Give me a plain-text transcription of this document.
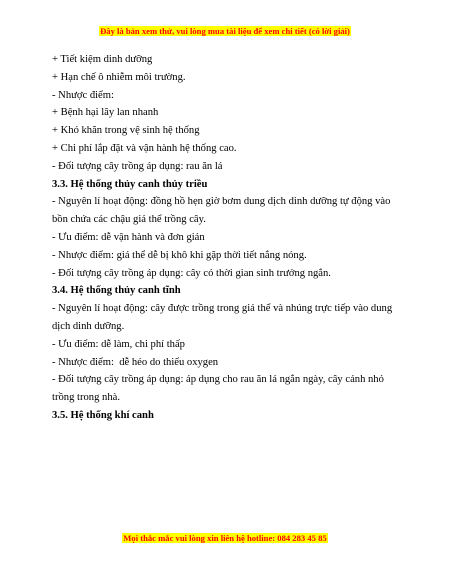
Đây là bản xem thử, vui lòng mua tài liệu để xem chi tiết (có lời giải)
+ Tiết kiệm dinh dưỡng
+ Hạn chế ô nhiễm môi trường.
- Nhược điểm:
+ Bệnh hại lây lan nhanh
+ Khó khăn trong vệ sinh hệ thống
+ Chi phí lắp đặt và vận hành hệ thống cao.
- Đối tượng cây trồng áp dụng: rau ăn lá
3.3. Hệ thống thủy canh thủy triều
- Nguyên lí hoạt động: đồng hồ hẹn giờ bơm dung dịch dinh dưỡng tự động vào bồn chứa các chậu giá thể trồng cây.
- Ưu điểm: dễ vận hành và đơn giản
- Nhược điểm: giá thể dễ bị khô khi gặp thời tiết nắng nóng.
- Đối tượng cây trồng áp dụng: cây có thời gian sinh trưởng ngắn.
3.4. Hệ thống thủy canh tĩnh
- Nguyên lí hoạt động: cây được trồng trong giá thể và nhúng trực tiếp vào dung dịch dinh dưỡng.
- Ưu điểm: dễ làm, chi phí thấp
- Nhược điểm:  dễ héo do thiếu oxygen
- Đối tượng cây trồng áp dụng: áp dụng cho rau ăn lá ngắn ngày, cây cảnh nhỏ trồng trong nhà.
3.5. Hệ thống khí canh
Mọi thắc mắc vui lòng xin liên hệ hotline: 084 283 45 85
